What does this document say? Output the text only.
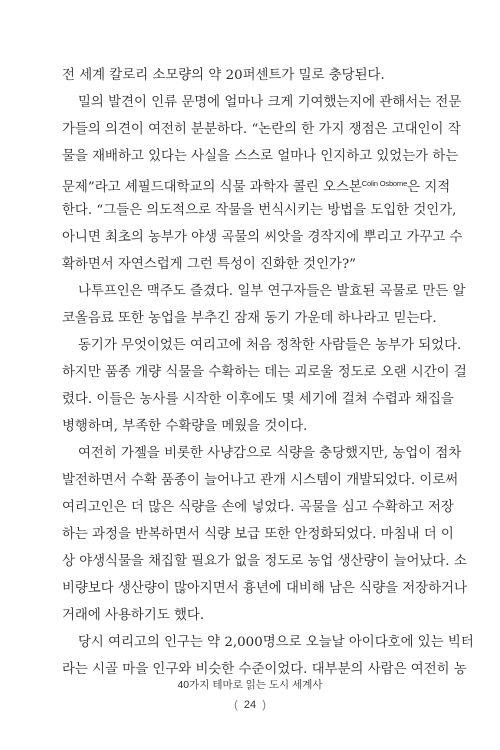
전 세계 칼로리 소모량의 약 20퍼센트가 밀로 충당된다.
밀의 발견이 인류 문명에 얼마나 크게 기여했는지에 관해서는 전문
가들의 의견이 여전히 분분하다. “논란의 한 가지 쟁점은 고대인이 작
물을 재배하고 있다는 사실을 스스로 얼마나 인지하고 있었는가 하는
문제”라고 셰필드대학교의 식물 과학자 콜린 오스본$^{Colin Osborne}$은 지적
한다. “그들은 의도적으로 작물을 번식시키는 방법을 도입한 것인가,
아니면 최초의 농부가 야생 곡물의 씨앗을 경작지에 뿌리고 가꾸고 수
확하면서 자연스럽게 그런 특성이 진화한 것인가?”
나투프인은 맥주도 즐겼다. 일부 연구자들은 발효된 곡물로 만든 알
코올음료 또한 농업을 부추긴 잠재 동기 가운데 하나라고 믿는다.
동기가 무엇이었든 여리고에 처음 정착한 사람들은 농부가 되었다.
하지만 품종 개량 식물을 수확하는 데는 괴로울 정도로 오랜 시간이 걸
렸다. 이들은 농사를 시작한 이후에도 몇 세기에 걸쳐 수렵과 채집을
병행하며, 부족한 수확량을 메웠을 것이다.
여전히 가젤을 비롯한 사냥감으로 식량을 충당했지만, 농업이 점차
발전하면서 수확 품종이 늘어나고 관개 시스템이 개발되었다. 이로써
여리고인은 더 많은 식량을 손에 넣었다. 곡물을 심고 수확하고 저장
하는 과정을 반복하면서 식량 보급 또한 안정화되었다. 마침내 더 이
상 야생식물을 채집할 필요가 없을 정도로 농업 생산량이 늘어났다. 소
비량보다 생산량이 많아지면서 흉년에 대비해 남은 식량을 저장하거나
거래에 사용하기도 했다.
당시 여리고의 인구는 약 2,000명으로 오늘날 아이다호에 있는 빅터
라는 시골 마을 인구와 비슷한 수준이었다. 대부분의 사람은 여전히 농
40가지 테마로 읽는 도시 세계사
( 24 )
